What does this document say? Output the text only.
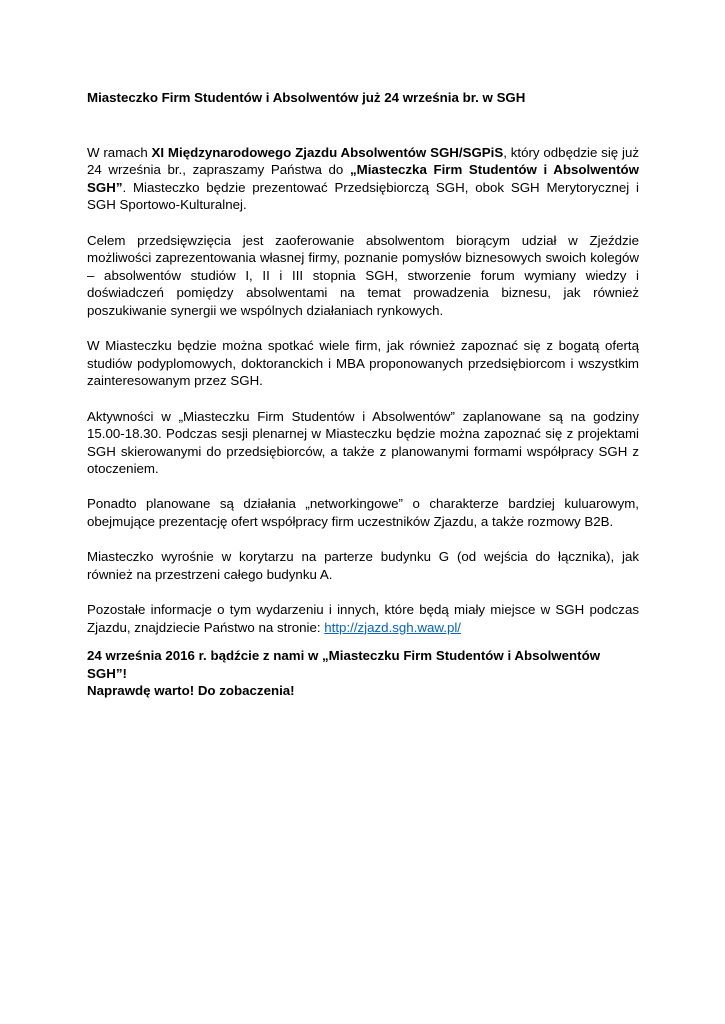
Miasteczko Firm Studentów i Absolwentów już 24 września br. w SGH

W ramach XI Międzynarodowego Zjazdu Absolwentów SGH/SGPiS, który odbędzie się już 24 września br., zapraszamy Państwa do „Miasteczka Firm Studentów i Absolwentów SGH”. Miasteczko będzie prezentować Przedsiębiorczą SGH, obok SGH Merytorycznej i SGH Sportowo-Kulturalnej.

Celem przedsięwzięcia jest zaoferowanie absolwentom biorącym udział w Zjeździe możliwości zaprezentowania własnej firmy, poznanie pomysłów biznesowych swoich kolegów – absolwentów studiów I, II i III stopnia SGH, stworzenie forum wymiany wiedzy i doświadczeń pomiędzy absolwentami na temat prowadzenia biznesu, jak również poszukiwanie synergii we wspólnych działaniach rynkowych.

W Miasteczku będzie można spotkać wiele firm, jak również zapoznać się z bogatą ofertą studiów podyplomowych, doktoranckich i MBA proponowanych przedsiębiorcom i wszystkim zainteresowanym przez SGH.

Aktywności w „Miasteczku Firm Studentów i Absolwentów” zaplanowane są na godziny 15.00-18.30. Podczas sesji plenarnej w Miasteczku będzie można zapoznać się z projektami SGH skierowanymi do przedsiębiorców, a także z planowanymi formami współpracy SGH z otoczeniem.

Ponadto planowane są działania „networkingowe” o charakterze bardziej kuluarowym, obejmujące prezentację ofert współpracy firm uczestników Zjazdu, a także rozmowy B2B.

Miasteczko wyrośnie w korytarzu na parterze budynku G (od wejścia do łącznika), jak również na przestrzeni całego budynku A.

Pozostałe informacje o tym wydarzeniu i innych, które będą miały miejsce w SGH podczas Zjazdu, znajdziecie Państwo na stronie: http://zjazd.sgh.waw.pl/

24 września 2016 r. bądźcie z nami w „Miasteczku Firm Studentów i Absolwentów SGH”!
Naprawdę warto! Do zobaczenia!
